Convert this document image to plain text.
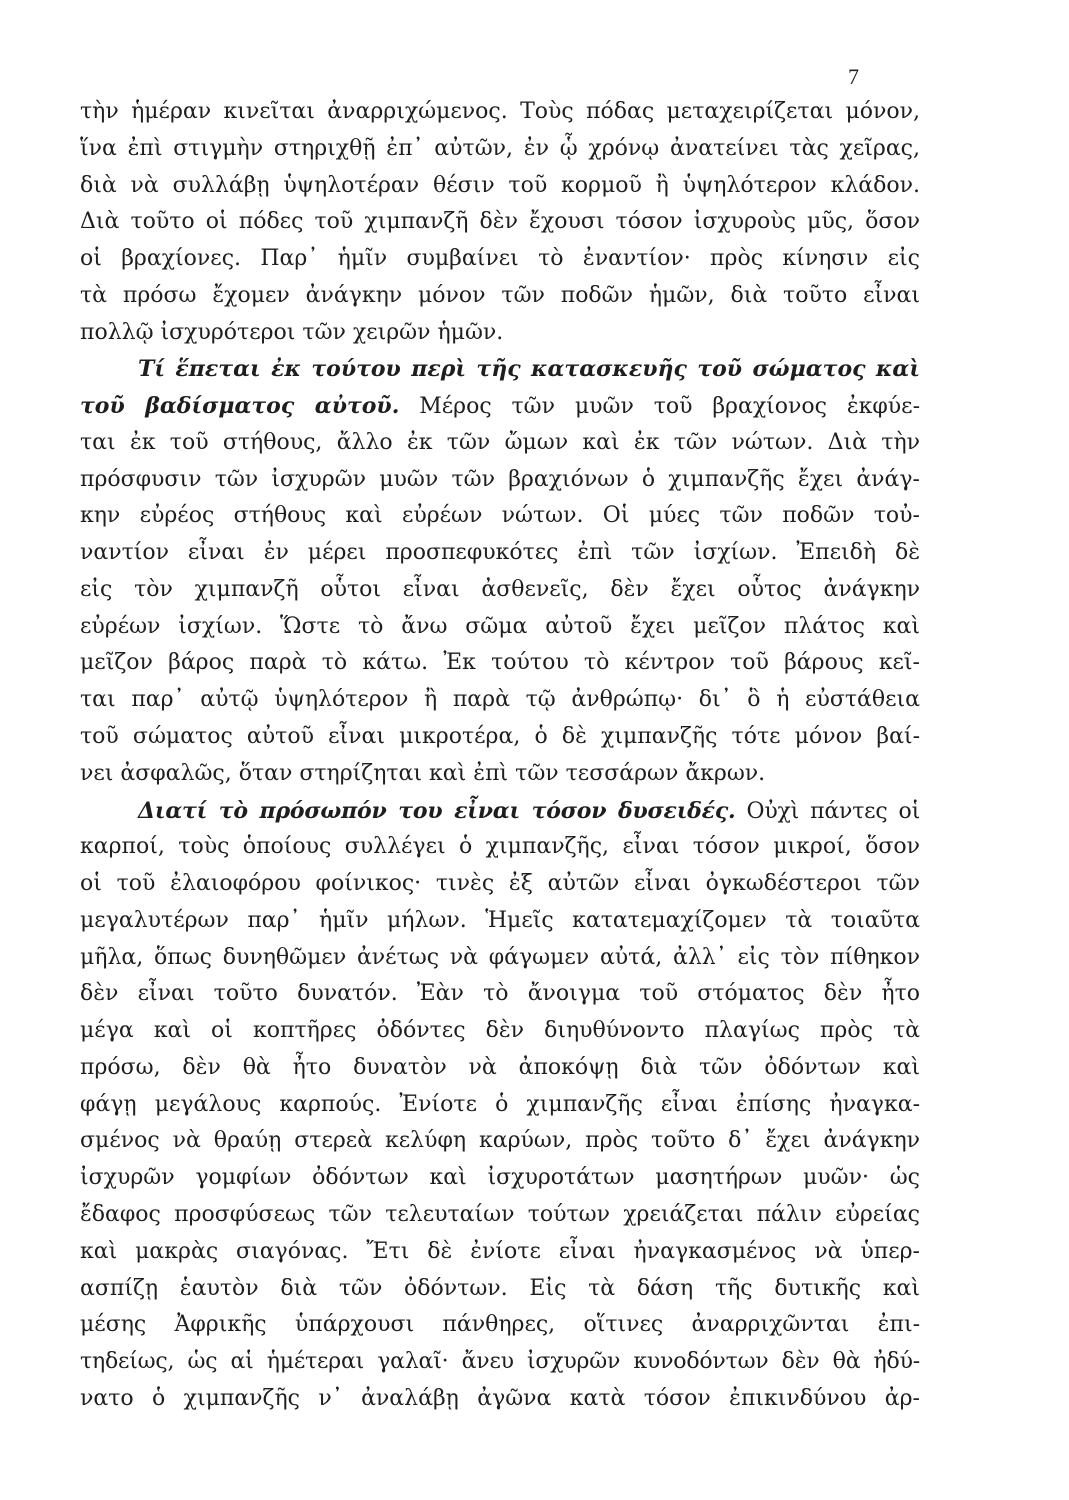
7
τὴν ἡμέραν κινεῖται ἀναρριχώμενος. Τοὺς πόδας μεταχειρίζεται μόνον,
ἵνα ἐπὶ στιγμὴν στηριχθῇ ἐπ᾿ αὐτῶν, ἐν ᾧ χρόνῳ ἀνατείνει τὰς χεῖρας,
διὰ νὰ συλλάβῃ ὑψηλοτέραν θέσιν τοῦ κορμοῦ ἢ ὑψηλότερον κλάδον.
Διὰ τοῦτο οἱ πόδες τοῦ χιμπανζῆ δὲν ἔχουσι τόσον ἰσχυροὺς μῦς, ὅσον
οἱ βραχίονες. Παρ᾿ ἡμῖν συμβαίνει τὸ ἐναντίον· πρὸς κίνησιν εἰς
τὰ πρόσω ἔχομεν ἀνάγκην μόνον τῶν ποδῶν ἡμῶν, διὰ τοῦτο εἶναι
πολλῷ ἰσχυρότεροι τῶν χειρῶν ἡμῶν.
Τί ἕπεται ἐκ τούτου περὶ τῆς κατασκευῆς τοῦ σώματος καὶ
τοῦ βαδίσματος αὐτοῦ. Μέρος τῶν μυῶν τοῦ βραχίονος ἐκφύε-
ται ἐκ τοῦ στήθους, ἄλλο ἐκ τῶν ὤμων καὶ ἐκ τῶν νώτων. Διὰ τὴν
πρόσφυσιν τῶν ἰσχυρῶν μυῶν τῶν βραχιόνων ὁ χιμπανζῆς ἔχει ἀνάγ-
κην εὐρέος στήθους καὶ εὐρέων νώτων. Οἱ μύες τῶν ποδῶν τοὐ-
ναντίον εἶναι ἐν μέρει προσπεφυκότες ἐπὶ τῶν ἰσχίων. Ἐπειδὴ δὲ
εἰς τὸν χιμπανζῆ οὗτοι εἶναι ἀσθενεῖς, δὲν ἔχει οὗτος ἀνάγκην
εὐρέων ἰσχίων. Ὥστε τὸ ἄνω σῶμα αὐτοῦ ἔχει μεῖζον πλάτος καὶ
μεῖζον βάρος παρὰ τὸ κάτω. Ἐκ τούτου τὸ κέντρον τοῦ βάρους κεῖ-
ται παρ᾿ αὐτῷ ὑψηλότερον ἢ παρὰ τῷ ἀνθρώπῳ· δι᾿ ὃ ἡ εὐστάθεια
τοῦ σώματος αὐτοῦ εἶναι μικροτέρα, ὁ δὲ χιμπανζῆς τότε μόνον βαί-
νει ἀσφαλῶς, ὅταν στηρίζηται καὶ ἐπὶ τῶν τεσσάρων ἄκρων.
Διατί τὸ πρόσωπόν του εἶναι τόσον δυσειδές. Οὐχὶ πάντες οἱ
καρποί, τοὺς ὁποίους συλλέγει ὁ χιμπανζῆς, εἶναι τόσον μικροί, ὅσον
οἱ τοῦ ἐλαιοφόρου φοίνικος· τινὲς ἐξ αὐτῶν εἶναι ὀγκωδέστεροι τῶν
μεγαλυτέρων παρ᾿ ἡμῖν μήλων. Ἡμεῖς κατατεμαχίζομεν τὰ τοιαῦτα
μῆλα, ὅπως δυνηθῶμεν ἀνέτως νὰ φάγωμεν αὐτά, ἀλλ᾿ εἰς τὸν πίθηκον
δὲν εἶναι τοῦτο δυνατόν. Ἐὰν τὸ ἄνοιγμα τοῦ στόματος δὲν ἦτο
μέγα καὶ οἱ κοπτῆρες ὀδόντες δὲν διηυθύνοντο πλαγίως πρὸς τὰ
πρόσω, δὲν θὰ ἦτο δυνατὸν νὰ ἀποκόψῃ διὰ τῶν ὀδόντων καὶ
φάγῃ μεγάλους καρπούς. Ἐνίοτε ὁ χιμπανζῆς εἶναι ἐπίσης ἠναγκα-
σμένος νὰ θραύῃ στερεὰ κελύφη καρύων, πρὸς τοῦτο δ᾿ ἔχει ἀνάγκην
ἰσχυρῶν γομφίων ὀδόντων καὶ ἰσχυροτάτων μασητήρων μυῶν· ὡς
ἔδαφος προσφύσεως τῶν τελευταίων τούτων χρειάζεται πάλιν εὐρείας
καὶ μακρὰς σιαγόνας. Ἔτι δὲ ἐνίοτε εἶναι ἠναγκασμένος νὰ ὑπερ-
ασπίζῃ ἑαυτὸν διὰ τῶν ὀδόντων. Εἰς τὰ δάση τῆς δυτικῆς καὶ
μέσης Ἀφρικῆς ὑπάρχουσι πάνθηρες, οἵτινες ἀναρριχῶνται ἐπι-
τηδείως, ὡς αἱ ἡμέτεραι γαλαῖ· ἄνευ ἰσχυρῶν κυνοδόντων δὲν θὰ ἠδύ-
νατο ὁ χιμπανζῆς ν᾿ ἀναλάβῃ ἀγῶνα κατὰ τόσον ἐπικινδύνου ἀρ-
